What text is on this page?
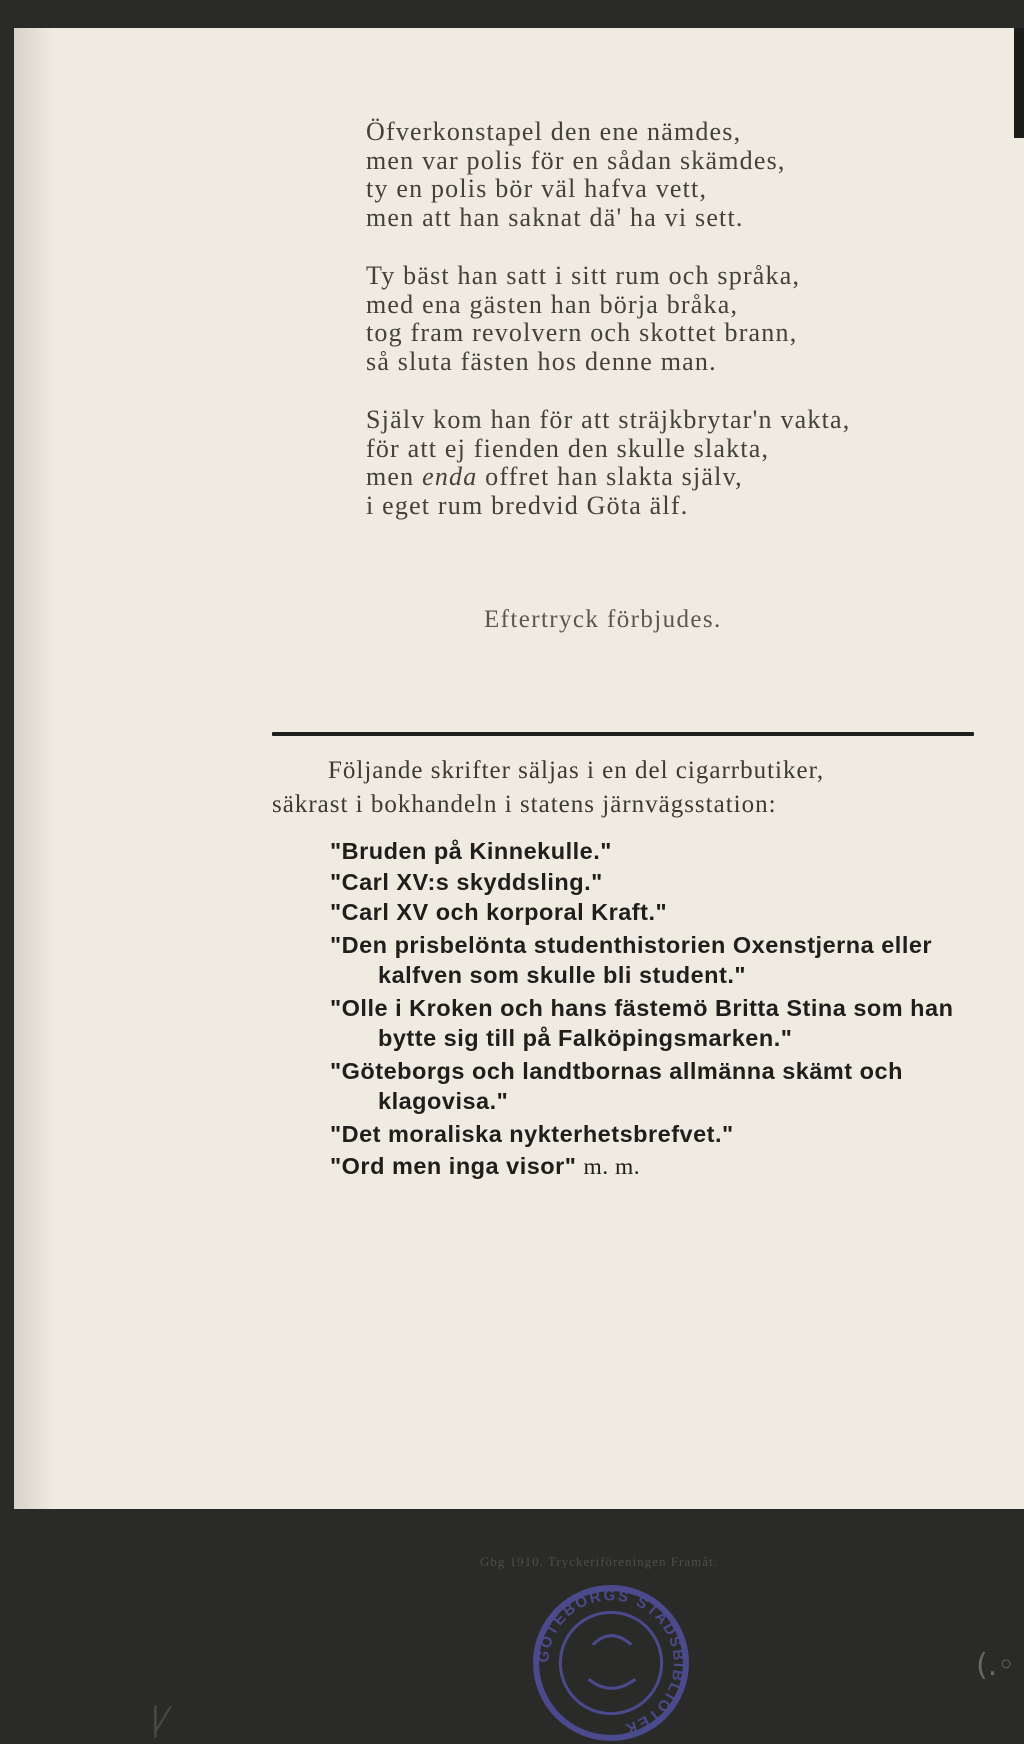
Öfverkonstapel den ene nämdes,
men var polis för en sådan skämdes,
ty en polis bör väl hafva vett,
men att han saknat dä' ha vi sett.
Ty bäst han satt i sitt rum och språka,
med ena gästen han börja bråka,
tog fram revolvern och skottet brann,
så sluta fästen hos denne man.
Själv kom han för att sträjkbrytar'n vakta,
för att ej fienden den skulle slakta,
men enda offret han slakta själv,
i eget rum bredvid Göta älf.
Eftertryck förbjudes.
Följande skrifter säljas i en del cigarrbutiker,
säkrast i bokhandeln i statens järnvägsstation:

"Bruden på Kinnekulle."

"Carl XV:s skyddsling."

"Carl XV och korporal Kraft."

"Den prisbelönta studenthistorien Oxenstjerna eller kalfven som skulle bli student."

"Olle i Kroken och hans fästemö Britta Stina som han bytte sig till på Falköpingsmarken."

"Göteborgs och landtbornas allmänna skämt och klagovisa."

"Det moraliska nykterhetsbrefvet."

"Ord men inga visor" m. m.

Gbg 1910. Tryckeriföreningen Framåt.
GÖTEBORGS STADSBIBLIOTEK
|⁄
(.◦
